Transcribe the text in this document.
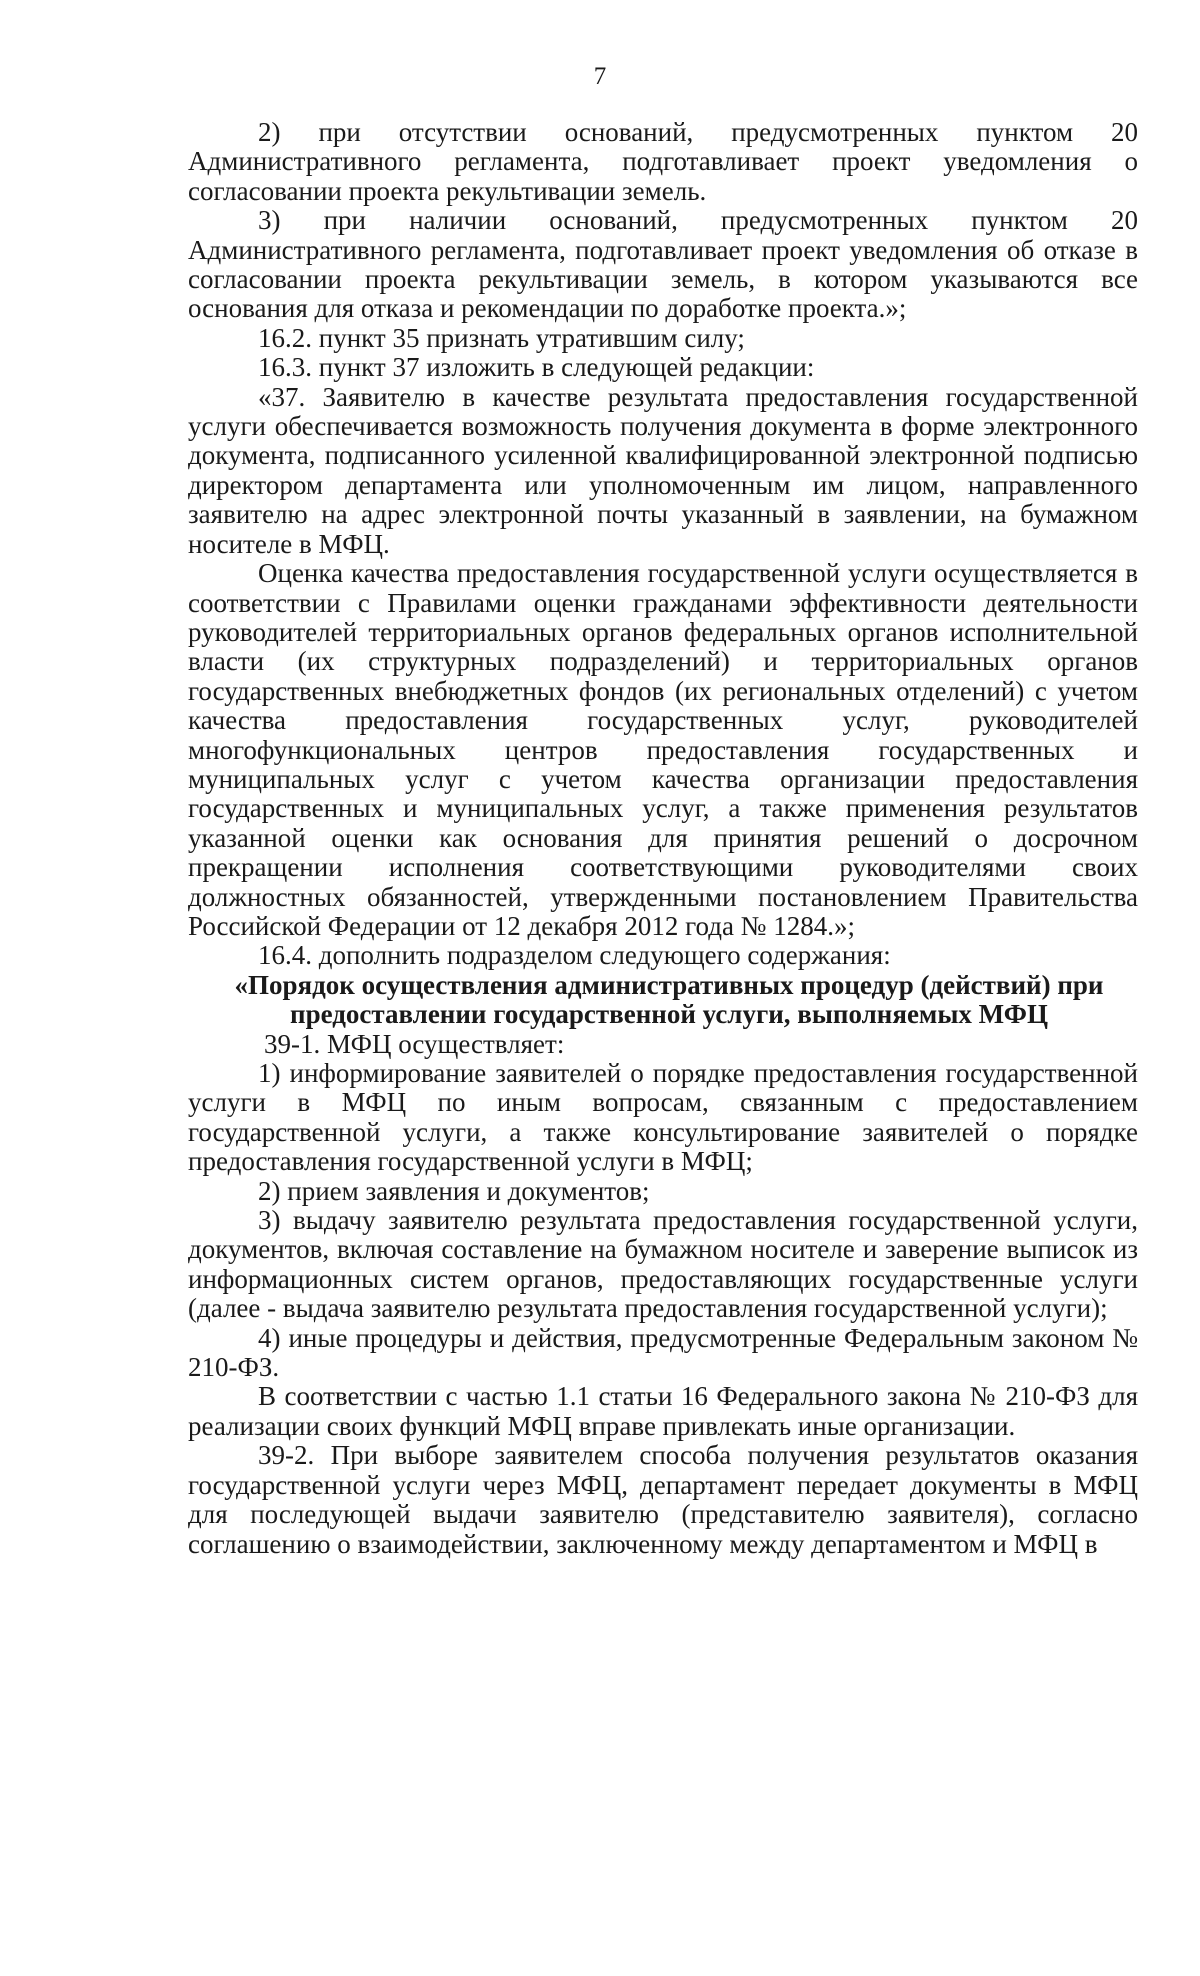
7

2) при отсутствии оснований, предусмотренных пунктом 20 Административного регламента, подготавливает проект уведомления о согласовании проекта рекультивации земель.

3) при наличии оснований, предусмотренных пунктом 20 Административного регламента, подготавливает проект уведомления об отказе в согласовании проекта рекультивации земель, в котором указываются все основания для отказа и рекомендации по доработке проекта.»;

16.2. пункт 35 признать утратившим силу;

16.3. пункт 37 изложить в следующей редакции:

«37. Заявителю в качестве результата предоставления государственной услуги обеспечивается возможность получения документа в форме электронного документа, подписанного усиленной квалифицированной электронной подписью директором департамента или уполномоченным им лицом, направленного заявителю на адрес электронной почты указанный в заявлении, на бумажном носителе в МФЦ.

Оценка качества предоставления государственной услуги осуществляется в соответствии с Правилами оценки гражданами эффективности деятельности руководителей территориальных органов федеральных органов исполнительной власти (их структурных подразделений) и территориальных органов государственных внебюджетных фондов (их региональных отделений) с учетом качества предоставления государственных услуг, руководителей многофункциональных центров предоставления государственных и муниципальных услуг с учетом качества организации предоставления государственных и муниципальных услуг, а также применения результатов указанной оценки как основания для принятия решений о досрочном прекращении исполнения соответствующими руководителями своих должностных обязанностей, утвержденными постановлением Правительства Российской Федерации от 12 декабря 2012 года № 1284.»;

16.4. дополнить подразделом следующего содержания:

«Порядок осуществления административных процедур (действий) при предоставлении государственной услуги, выполняемых МФЦ

39-1. МФЦ осуществляет:

1) информирование заявителей о порядке предоставления государственной услуги в МФЦ по иным вопросам, связанным с предоставлением государственной услуги, а также консультирование заявителей о порядке предоставления государственной услуги в МФЦ;

2) прием заявления и документов;

3) выдачу заявителю результата предоставления государственной услуги, документов, включая составление на бумажном носителе и заверение выписок из информационных систем органов, предоставляющих государственные услуги (далее - выдача заявителю результата предоставления государственной услуги);

4) иные процедуры и действия, предусмотренные Федеральным законом № 210-ФЗ.

В соответствии с частью 1.1 статьи 16 Федерального закона № 210-ФЗ для реализации своих функций МФЦ вправе привлекать иные организации.

39-2. При выборе заявителем способа получения результатов оказания государственной услуги через МФЦ, департамент передает документы в МФЦ для последующей выдачи заявителю (представителю заявителя), согласно соглашению о взаимодействии, заключенному между департаментом и МФЦ в
